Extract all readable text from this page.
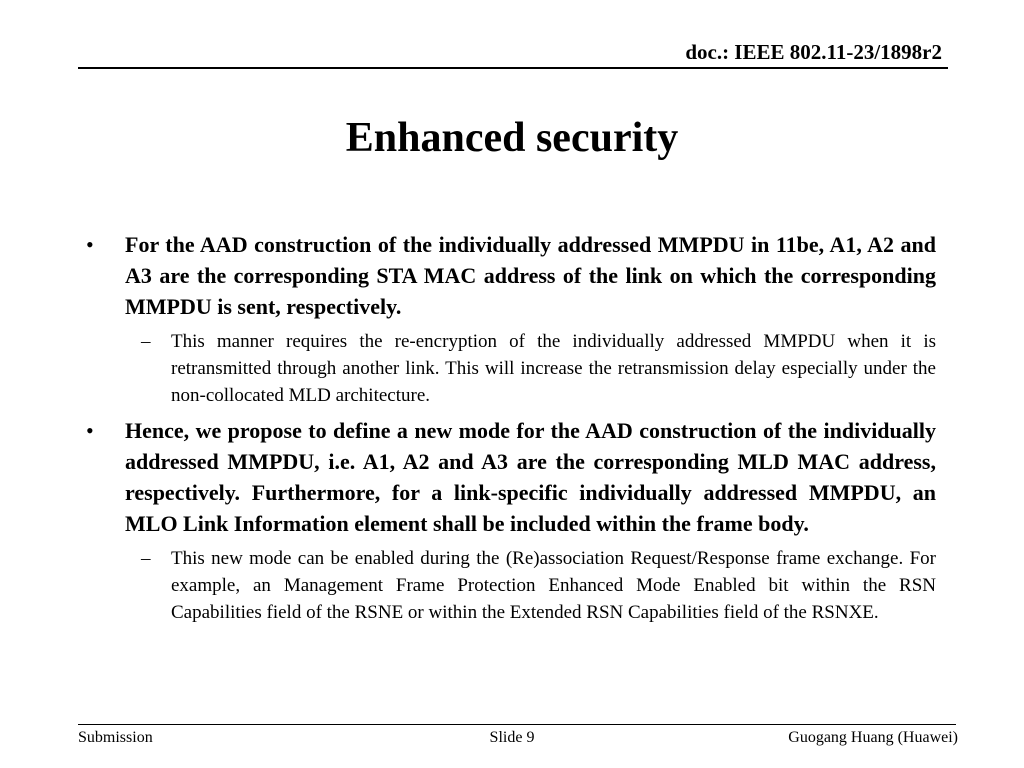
doc.: IEEE 802.11-23/1898r2
Enhanced security
• For the AAD construction of the individually addressed MMPDU in 11be, A1, A2 and A3 are the corresponding STA MAC address of the link on which the corresponding MMPDU is sent, respectively.
– This manner requires the re-encryption of the individually addressed MMPDU when it is retransmitted through another link. This will increase the retransmission delay especially under the non-collocated MLD architecture.
• Hence, we propose to define a new mode for the AAD construction of the individually addressed MMPDU, i.e. A1, A2 and A3 are the corresponding MLD MAC address, respectively. Furthermore, for a link-specific individually addressed MMPDU, an MLO Link Information element shall be included within the frame body.
– This new mode can be enabled during the (Re)association Request/Response frame exchange. For example, an Management Frame Protection Enhanced Mode Enabled bit within the RSN Capabilities field of the RSNE or within the Extended RSN Capabilities field of the RSNXE.
Submission	Slide 9	Guogang Huang (Huawei)
